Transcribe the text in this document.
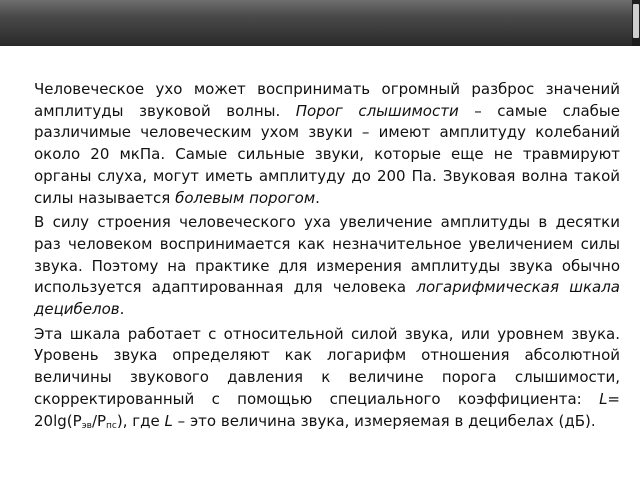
Человеческое ухо может воспринимать огромный разброс значений амплитуды звуковой волны. Порог слышимости – самые слабые различимые человеческим ухом звуки – имеют амплитуду колебаний около 20 мкПа. Самые сильные звуки, которые еще не травмируют органы слуха, могут иметь амплитуду до 200 Па. Звуковая волна такой силы называется болевым порогом.

В силу строения человеческого уха увеличение амплитуды в десятки раз человеком воспринимается как незначительное увеличением силы звука. Поэтому на практике для измерения амплитуды звука обычно используется адаптированная для человека логарифмическая шкала децибелов.

Эта шкала работает с относительной силой звука, или уровнем звука. Уровень звука определяют как логарифм отношения абсолютной величины звукового давления к величине порога слышимости, скорректированный с помощью специального коэффициента: $L= 20\lg(P_{эв}/P_{пс})$, где L – это величина звука, измеряемая в децибелах (дБ).
